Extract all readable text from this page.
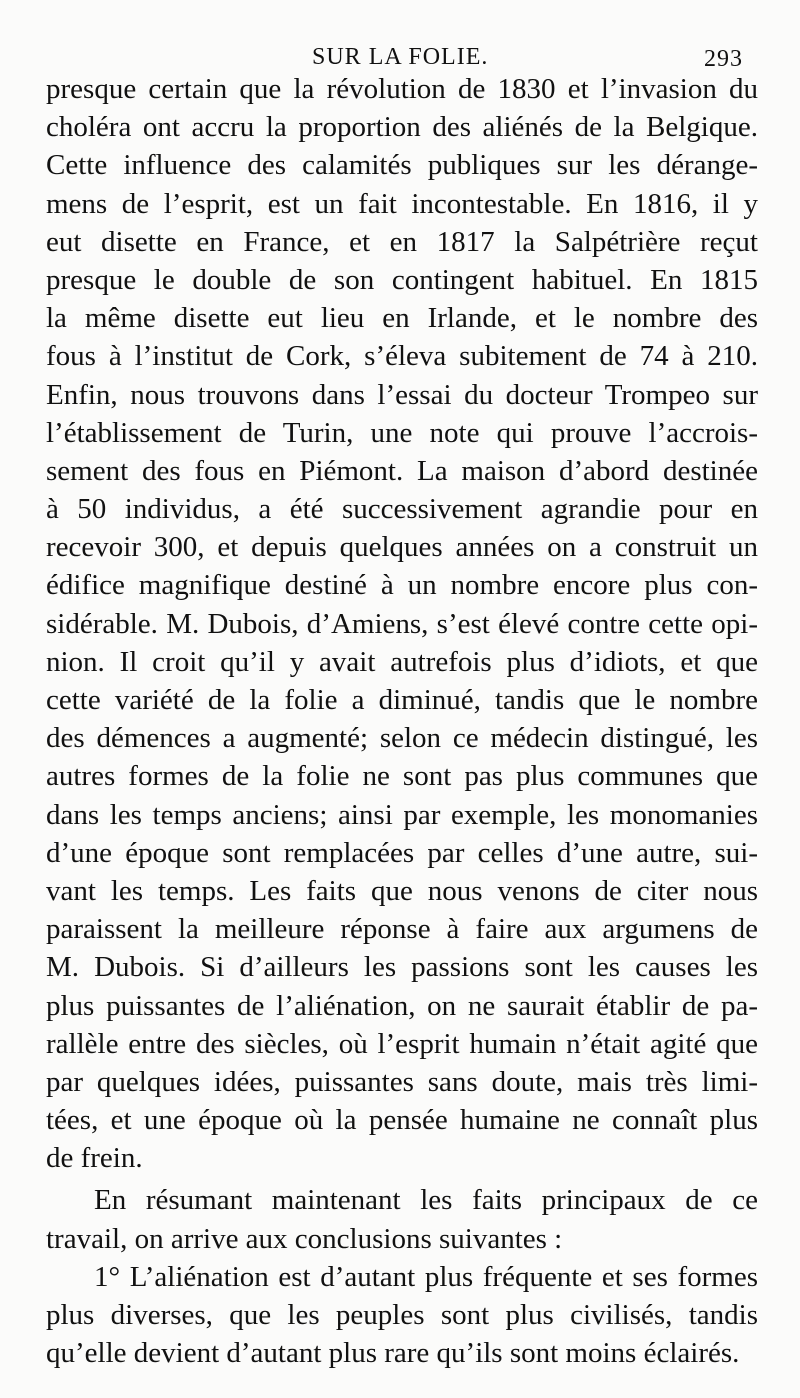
SUR LA FOLIE.	293
presque certain que la révolution de 1830 et l’invasion du
choléra ont accru la proportion des aliénés de la Belgique.
Cette influence des calamités publiques sur les dérange-
mens de l’esprit, est un fait incontestable. En 1816, il y
eut disette en France, et en 1817 la Salpétrière reçut
presque le double de son contingent habituel. En 1815
la même disette eut lieu en Irlande, et le nombre des
fous à l’institut de Cork, s’éleva subitement de 74 à 210.
Enfin, nous trouvons dans l’essai du docteur Trompeo sur
l’établissement de Turin, une note qui prouve l’accrois-
sement des fous en Piémont. La maison d’abord destinée
à 50 individus, a été successivement agrandie pour en
recevoir 300, et depuis quelques années on a construit un
édifice magnifique destiné à un nombre encore plus con-
sidérable. M. Dubois, d’Amiens, s’est élevé contre cette opi-
nion. Il croit qu’il y avait autrefois plus d’idiots, et que
cette variété de la folie a diminué, tandis que le nombre
des démences a augmenté; selon ce médecin distingué, les
autres formes de la folie ne sont pas plus communes que
dans les temps anciens; ainsi par exemple, les monomanies
d’une époque sont remplacées par celles d’une autre, sui-
vant les temps. Les faits que nous venons de citer nous
paraissent la meilleure réponse à faire aux argumens de
M. Dubois. Si d’ailleurs les passions sont les causes les
plus puissantes de l’aliénation, on ne saurait établir de pa-
rallèle entre des siècles, où l’esprit humain n’était agité que
par quelques idées, puissantes sans doute, mais très limi-
tées, et une époque où la pensée humaine ne connaît plus
de frein.
En résumant maintenant les faits principaux de ce
travail, on arrive aux conclusions suivantes :
1° L’aliénation est d’autant plus fréquente et ses formes
plus diverses, que les peuples sont plus civilisés, tandis
qu’elle devient d’autant plus rare qu’ils sont moins éclairés.
